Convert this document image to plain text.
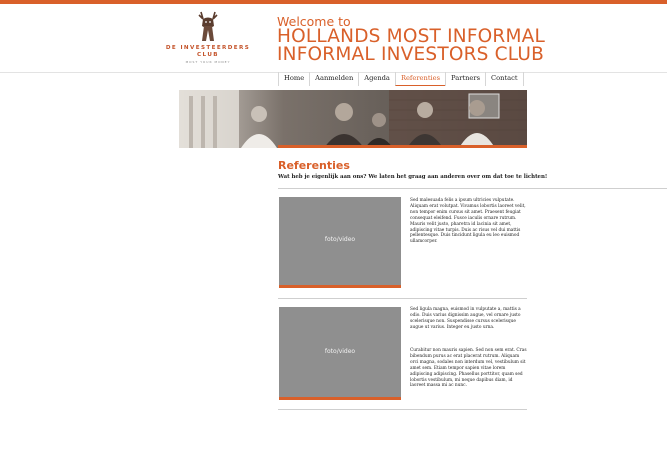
DE INVESTEERDERS CLUB
MOST YOUR MONEY
Welcome to
HOLLANDS MOST INFORMAL
INFORMAL INVESTORS CLUB
Home	Aanmelden	Agenda	Referenties	Partners	Contact
Referenties

Wat heb je eigenlijk aan ons? We laten het graag aan anderen over om dat toe te lichten!

foto/video

Sed malesuada felis a ipsum ultricies vulputate. Aliquam erat volutpat. Vivamus lobortis laoreet velit, non tempor enim cursus sit amet. Praesent feugiat consequat eleifend. Fusce iaculis ornare rutrum. Mauris velit justo, pharetra id lacinia sit amet, adipiscing vitae turpis. Duis ac risus vel dui mattis pellentesque. Duis tincidunt ligula eu leo euismod ullamcorper.

foto/video

Sed ligula magna, euismod in vulputate a, mattis a odio. Duis varius dignissim augue, vel ornare justo scelerisque non. Suspendisse cursus scelerisque augue ut varius. Integer eu justo urna.

Curabitur non mauris sapien. Sed non sem erat. Cras bibendum purus ac erat placerat rutrum. Aliquam orci magna, sodales non interdum vel, vestibulum sit amet sem. Etiam tempor sapien vitae lorem adipiscing adipiscing. Phasellus porttitor, quam sed lobortis vestibulum, mi neque dapibus diam, id laoreet massa mi ac nunc.
